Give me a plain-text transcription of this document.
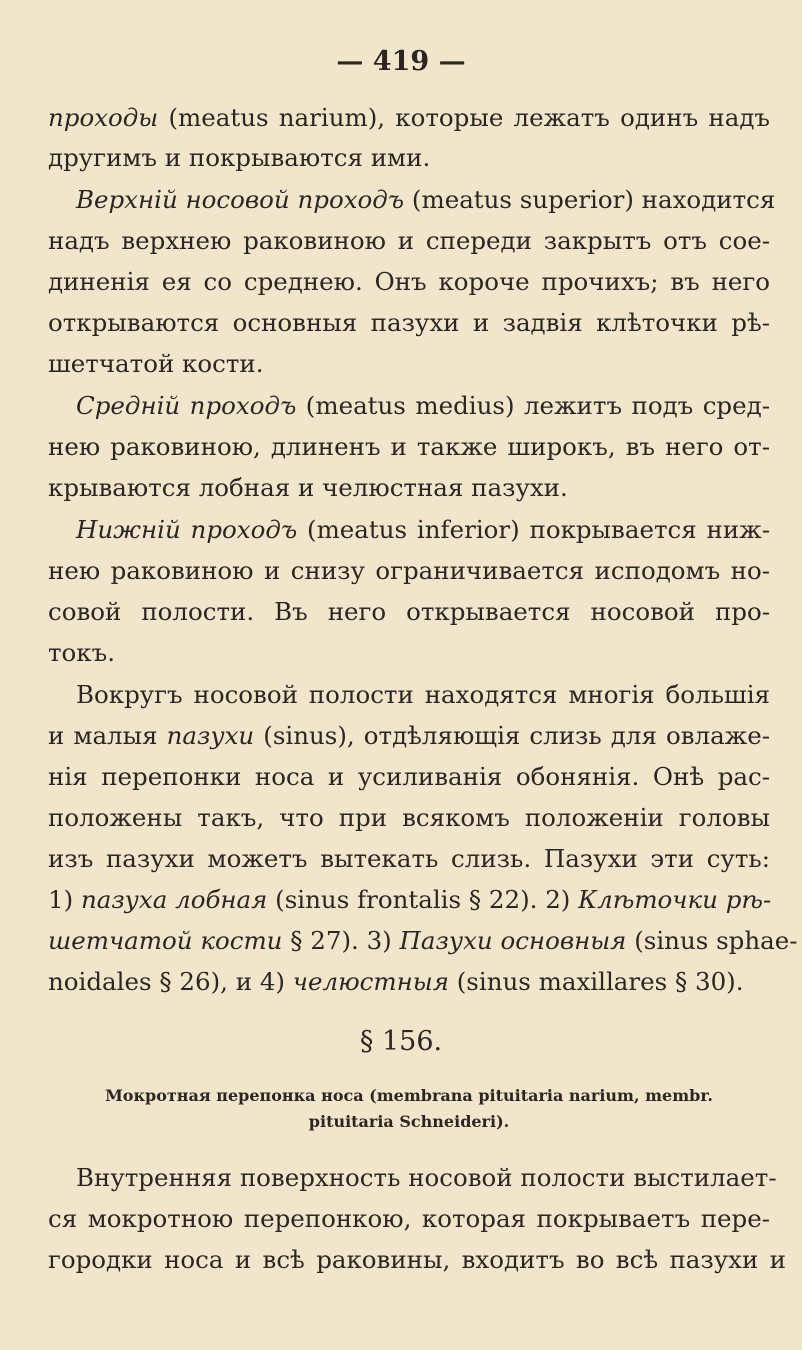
— 419 —
проходы (meatus narium), которые лежатъ одинъ надъ
другимъ и покрываются ими.
Верхній носовой проходъ (meatus superior) находится
надъ верхнею раковиною и спереди закрытъ отъ сое-
диненія ея со среднею. Онъ короче прочихъ; въ него
открываются основныя пазухи и задвія клѣточки рѣ-
шетчатой кости.
Средній проходъ (meatus medius) лежитъ подъ сред-
нею раковиною, длиненъ и также широкъ, въ него от-
крываются лобная и челюстная пазухи.
Нижній проходъ (meatus inferior) покрывается ниж-
нею раковиною и снизу ограничивается исподомъ но-
совой полости. Въ него открывается носовой про-
токъ.
Вокругъ носовой полости находятся многія большія
и малыя пазухи (sinus), отдѣляющія слизь для овлаже-
нія перепонки носа и усиливанія обонянія. Онѣ рас-
положены такъ, что при всякомъ положеніи головы
изъ пазухи можетъ вытекать слизь. Пазухи эти суть:
1) пазуха лобная (sinus frontalis § 22). 2) Клѣточки рѣ-
шетчатой кости § 27). 3) Пазухи основныя (sinus sphae-
noidales § 26), и 4) челюстныя (sinus maxillares § 30).
§ 156.
Мокротная перепонка носа (membrana pituitaria narium, membr.
pituitaria Schneideri).
Внутренняя поверхность носовой полости выстилает-
ся мокротною перепонкою, которая покрываетъ пере-
городки носа и всѣ раковины, входитъ во всѣ пазухи и
